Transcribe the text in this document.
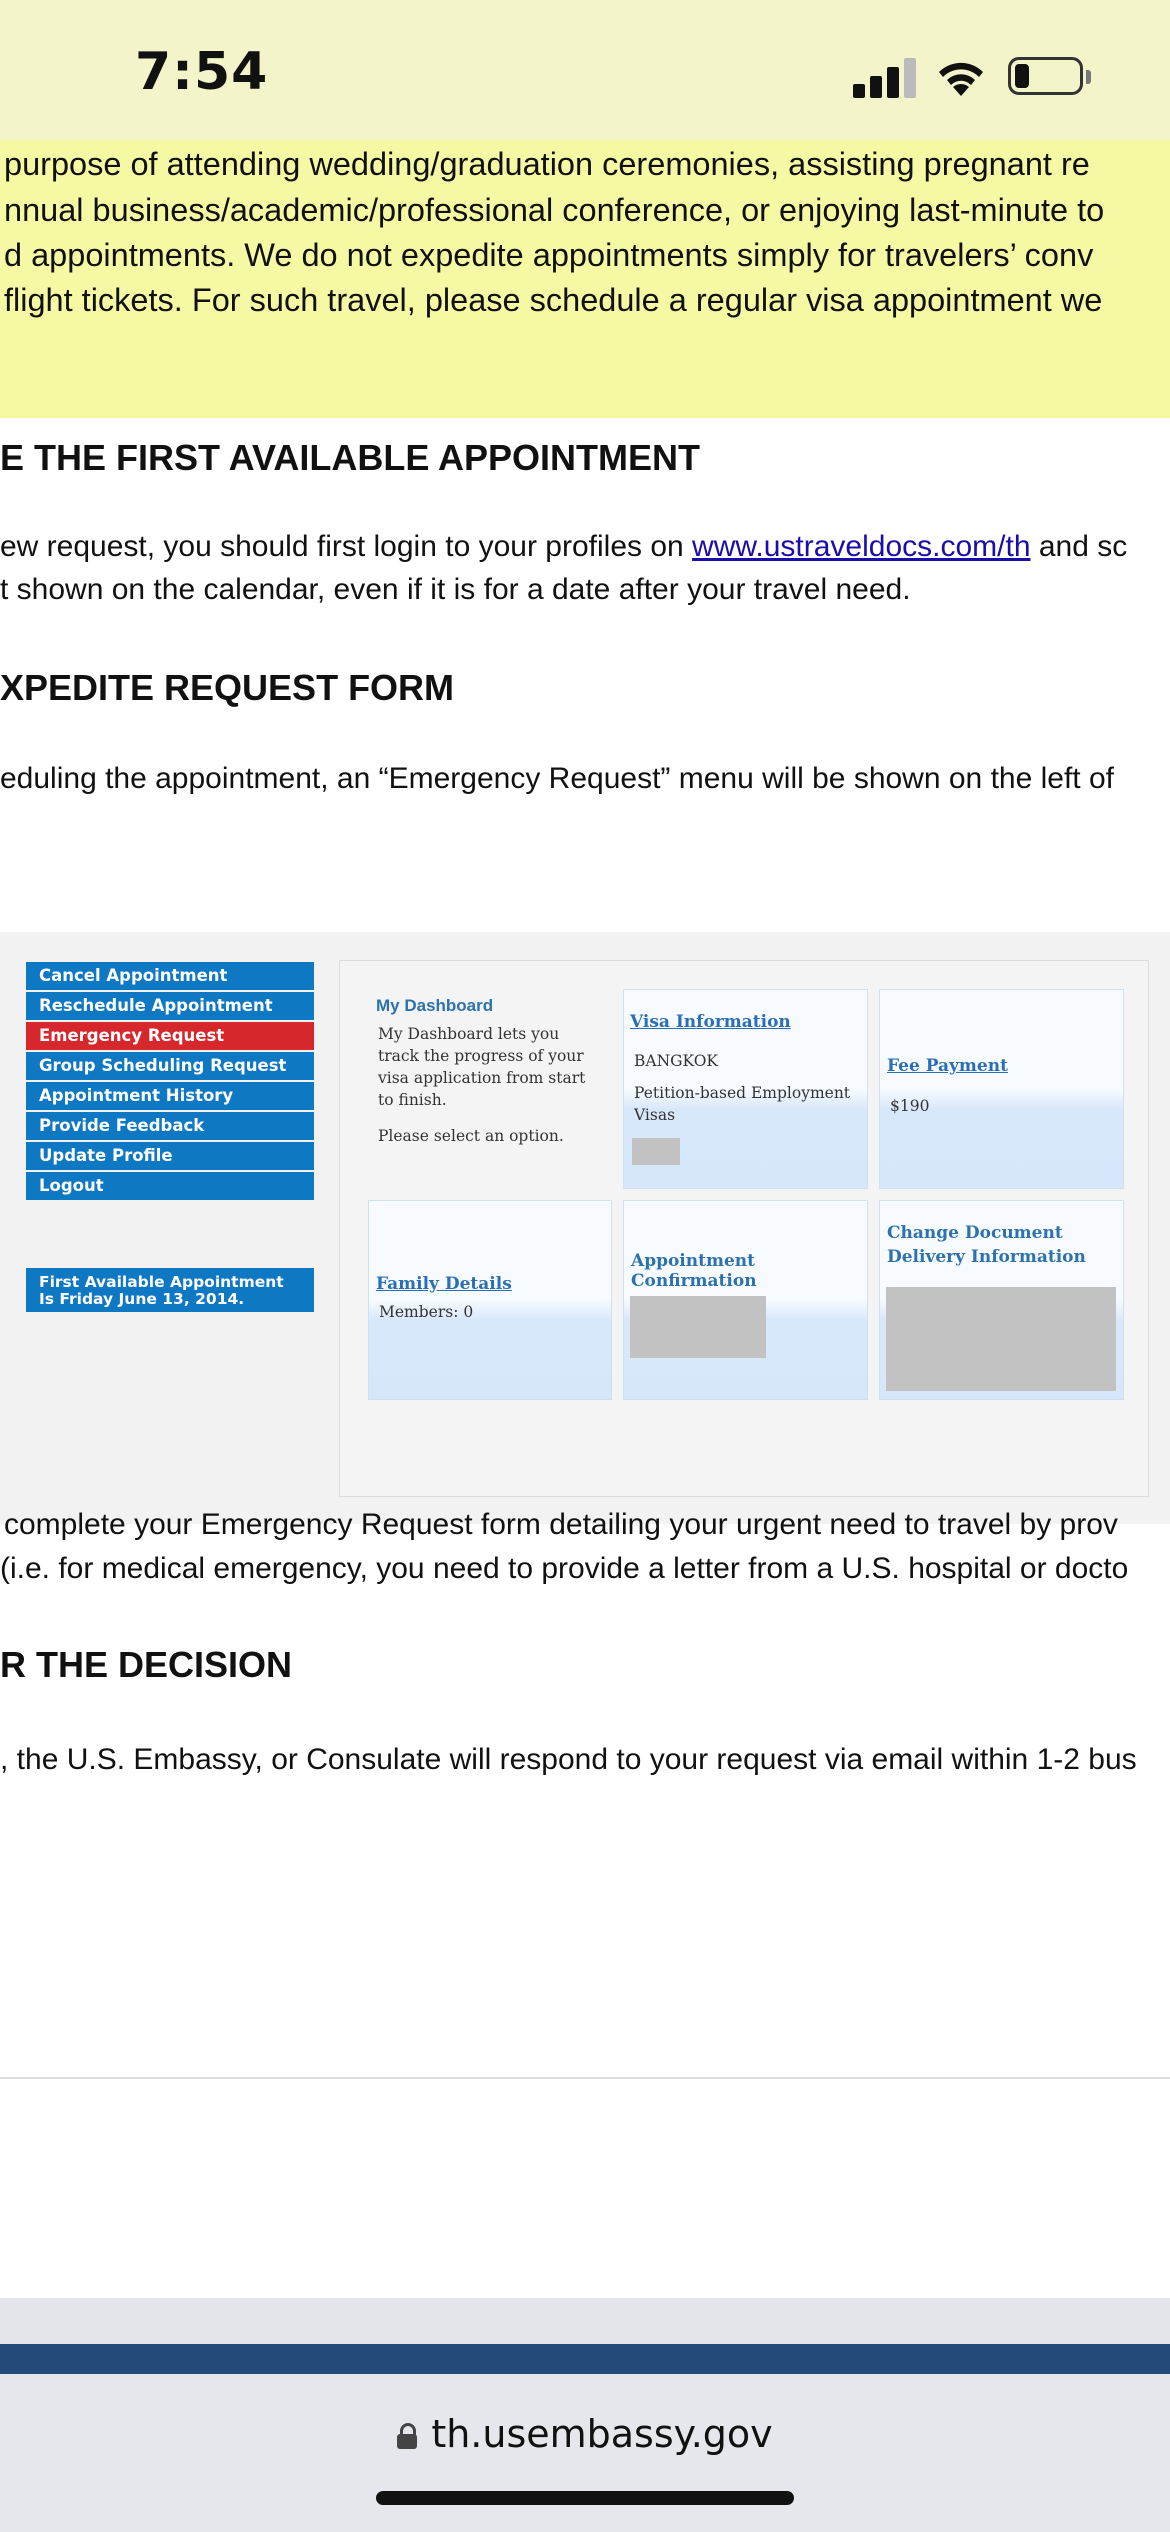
7:54
purpose of attending wedding/graduation ceremonies, assisting pregnant re
nnual business/academic/professional conference, or enjoying last-minute to
d appointments. We do not expedite appointments simply for travelers’ conv
flight tickets. For such travel, please schedule a regular visa appointment we
E THE FIRST AVAILABLE APPOINTMENT
ew request, you should first login to your profiles on www.ustraveldocs.com/th and sc
t shown on the calendar, even if it is for a date after your travel need.
XPEDITE REQUEST FORM
eduling the appointment, an “Emergency Request” menu will be shown on the left of
Cancel Appointment
Reschedule Appointment
Emergency Request
Group Scheduling Request
Appointment History
Provide Feedback
Update Profile
Logout
First Available Appointment Is Friday June 13, 2014.
My Dashboard
My Dashboard lets you track the progress of your visa application from start to finish.
Please select an option.
Visa Information
BANGKOK
Petition-based Employment Visas
Fee Payment
$190
Family Details
Members: 0
Appointment Confirmation
Change Document Delivery Information
complete your Emergency Request form detailing your urgent need to travel by prov
(i.e. for medical emergency, you need to provide a letter from a U.S. hospital or docto
R THE DECISION
, the U.S. Embassy, or Consulate will respond to your request via email within 1-2 bus
th.usembassy.gov
